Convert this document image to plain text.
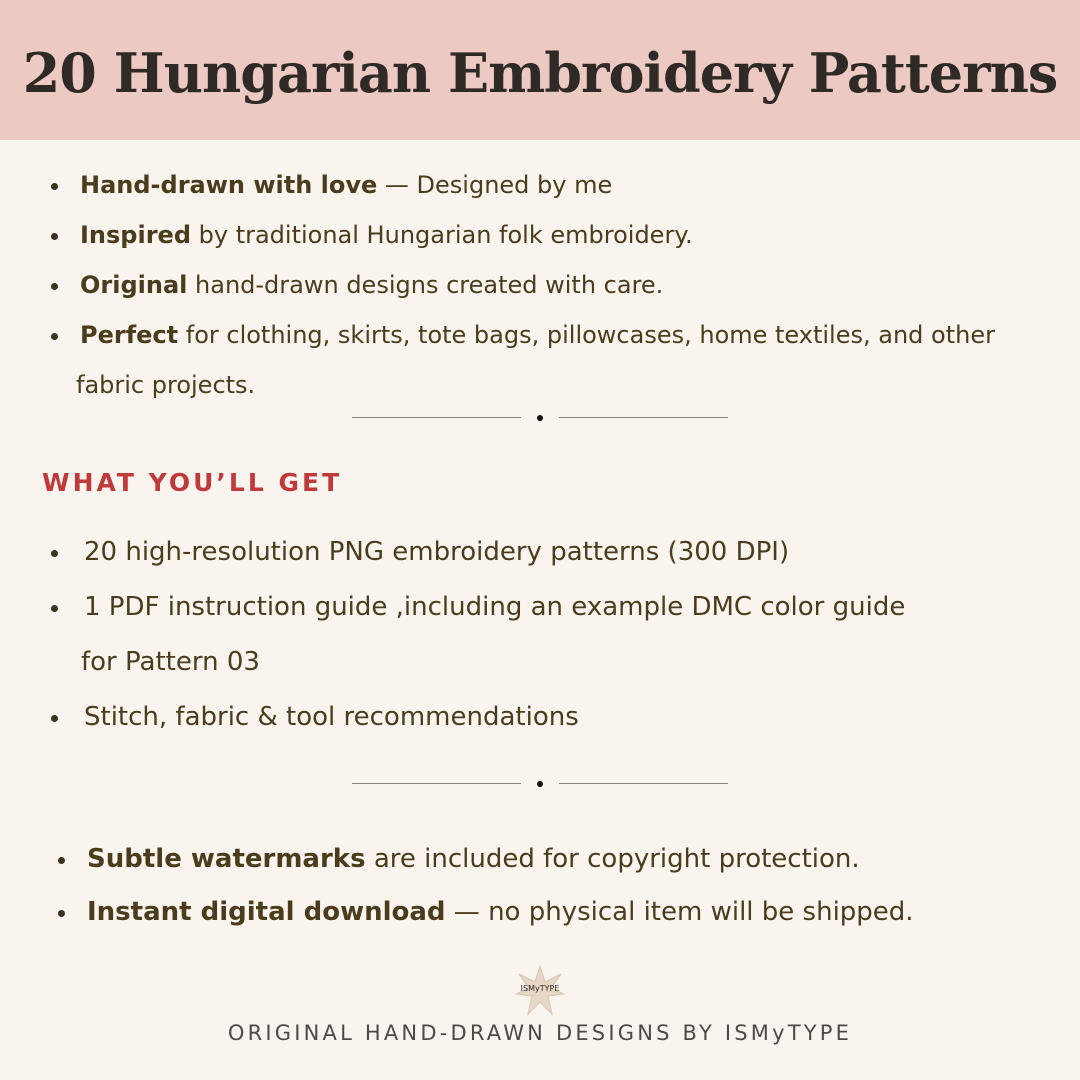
20 Hungarian Embroidery Patterns
Hand-drawn with love — Designed by me
Inspired by traditional Hungarian folk embroidery.
Original hand-drawn designs created with care.
Perfect for clothing, skirts, tote bags, pillowcases, home textiles, and other
fabric projects.
WHAT YOU’LL GET
20 high-resolution PNG embroidery patterns (300 DPI)
1 PDF instruction guide ,including an example DMC color guide
Stitch, fabric & tool recommendations
for Pattern 03
Subtle watermarks are included for copyright protection.
Instant digital download — no physical item will be shipped.
ISMyTYPE

ORIGINAL HAND-DRAWN DESIGNS BY ISMyTYPE
